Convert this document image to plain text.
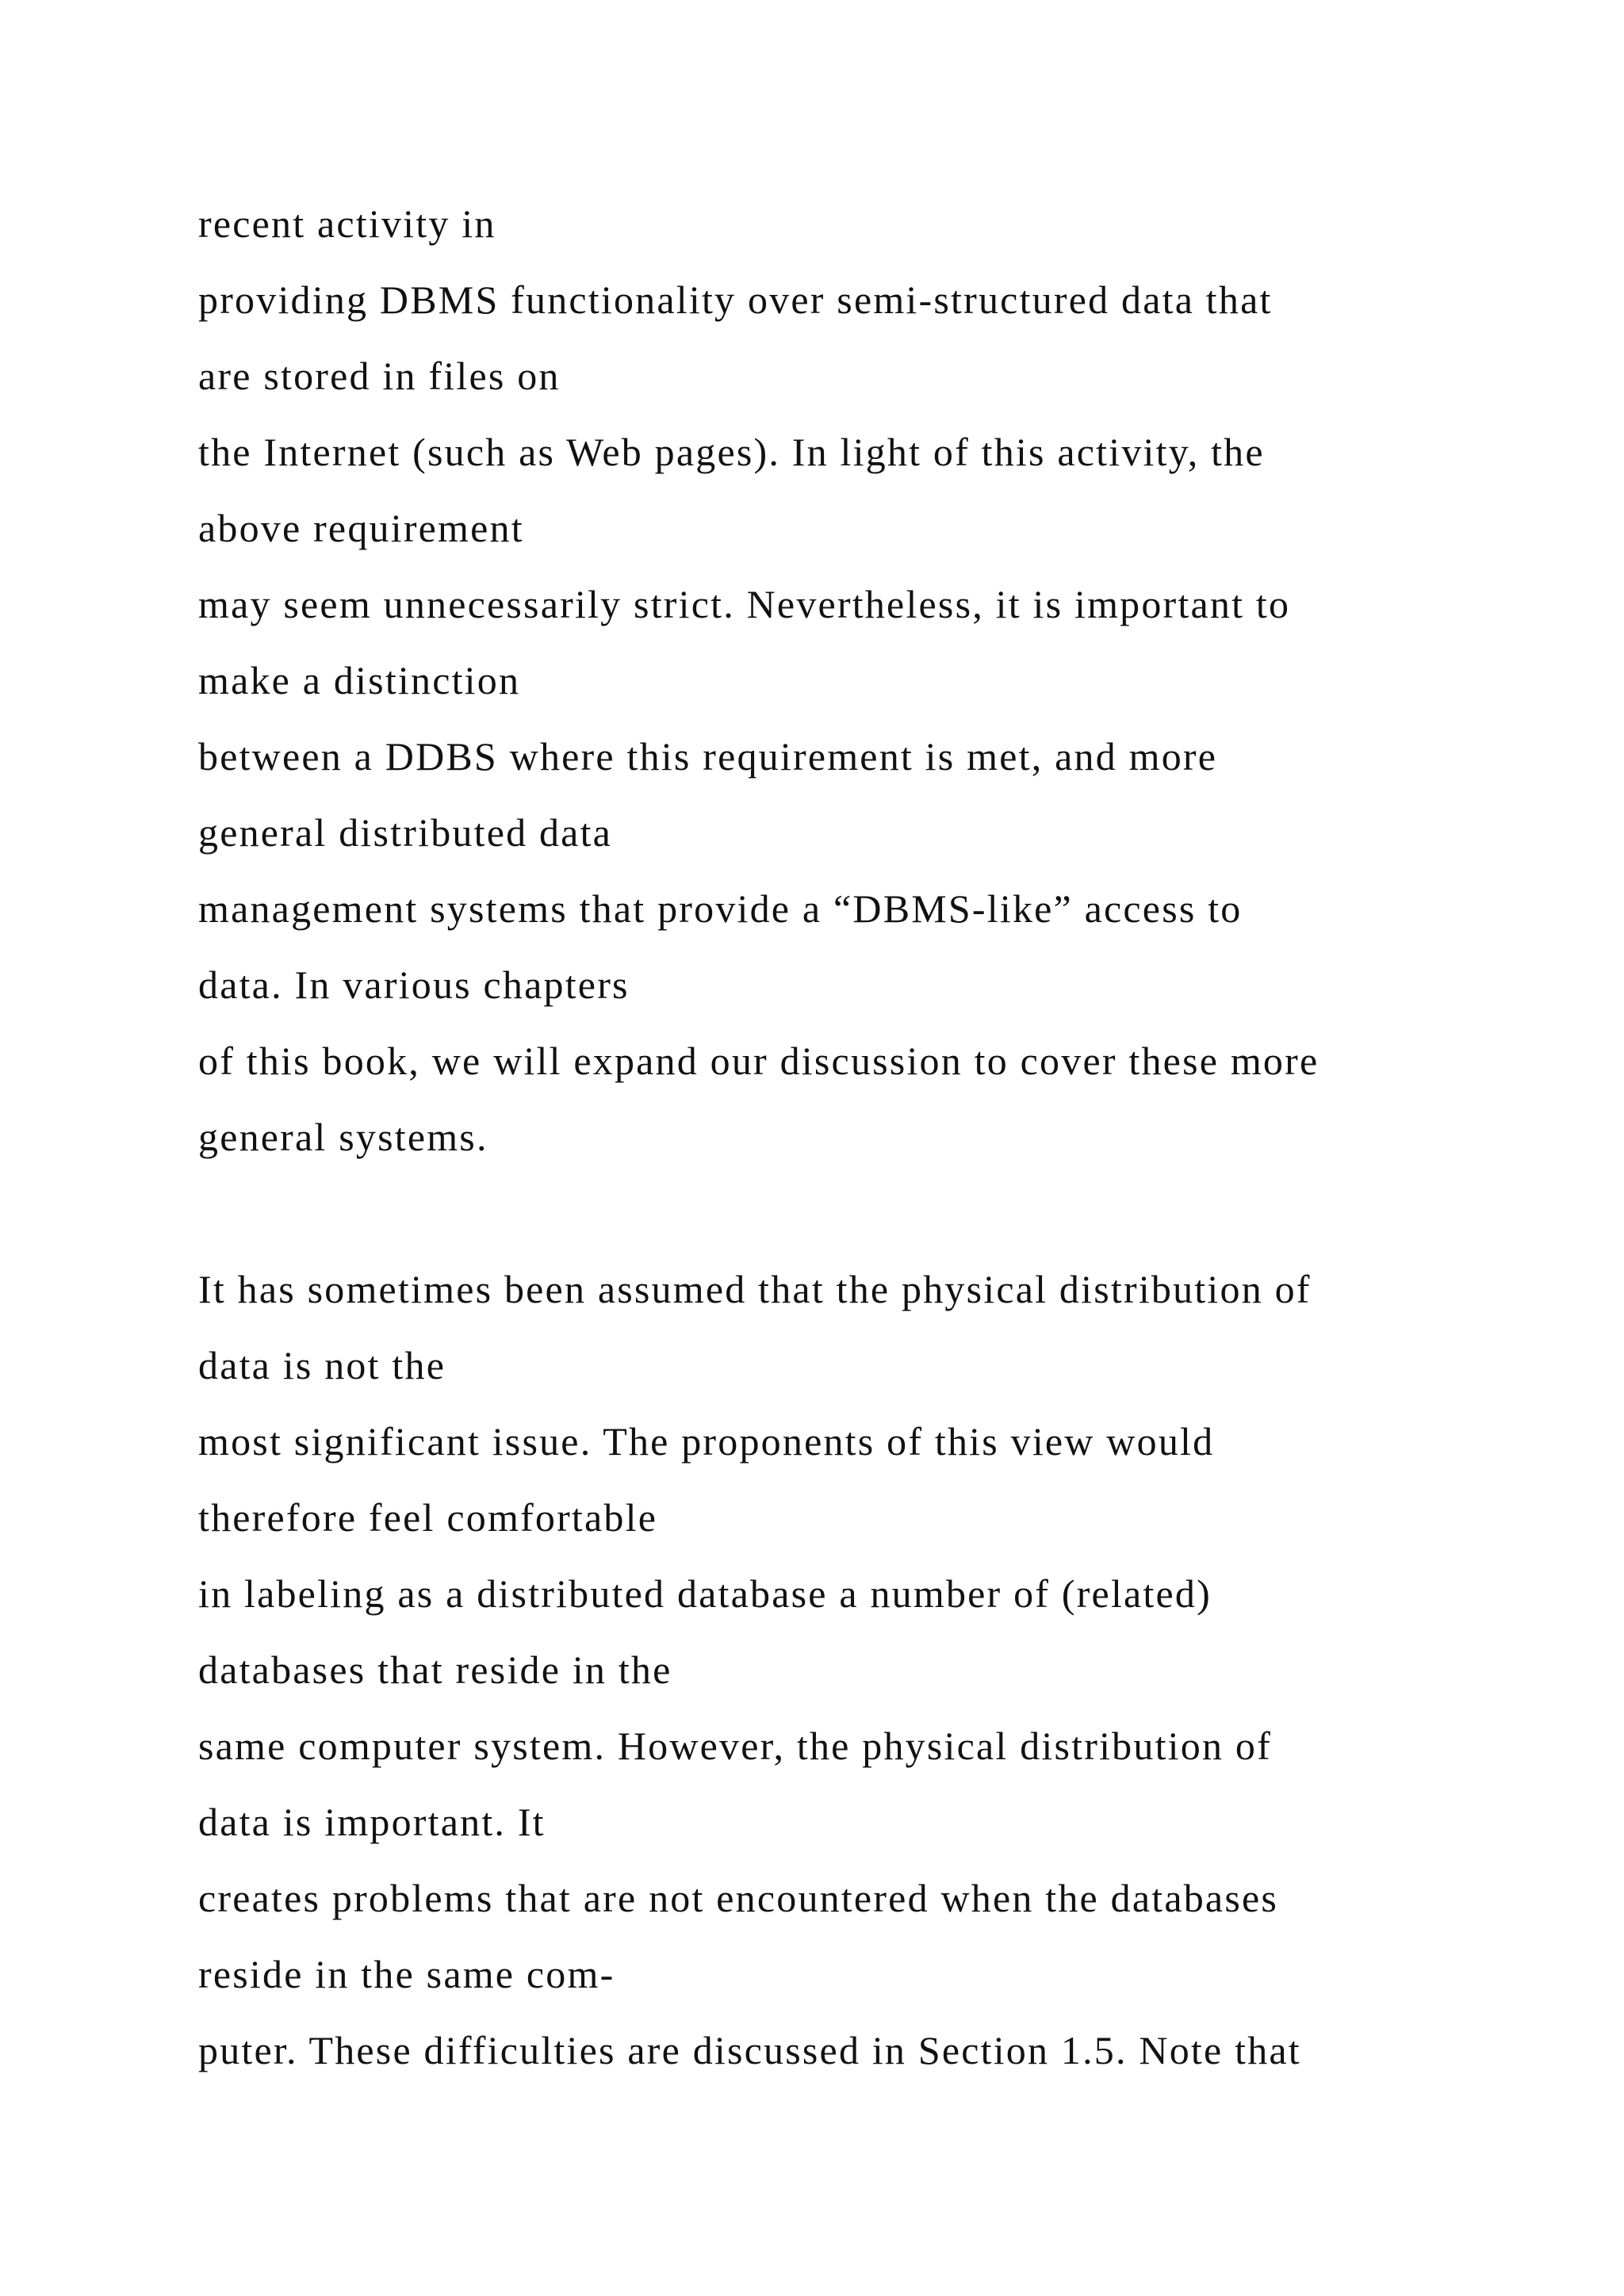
recent activity in
providing DBMS functionality over semi-structured data that
are stored in files on
the Internet (such as Web pages). In light of this activity, the
above requirement
may seem unnecessarily strict. Nevertheless, it is important to
make a distinction
between a DDBS where this requirement is met, and more
general distributed data
management systems that provide a “DBMS-like” access to
data. In various chapters
of this book, we will expand our discussion to cover these more
general systems.
It has sometimes been assumed that the physical distribution of
data is not the
most significant issue. The proponents of this view would
therefore feel comfortable
in labeling as a distributed database a number of (related)
databases that reside in the
same computer system. However, the physical distribution of
data is important. It
creates problems that are not encountered when the databases
reside in the same com-
puter. These difficulties are discussed in Section 1.5. Note that
